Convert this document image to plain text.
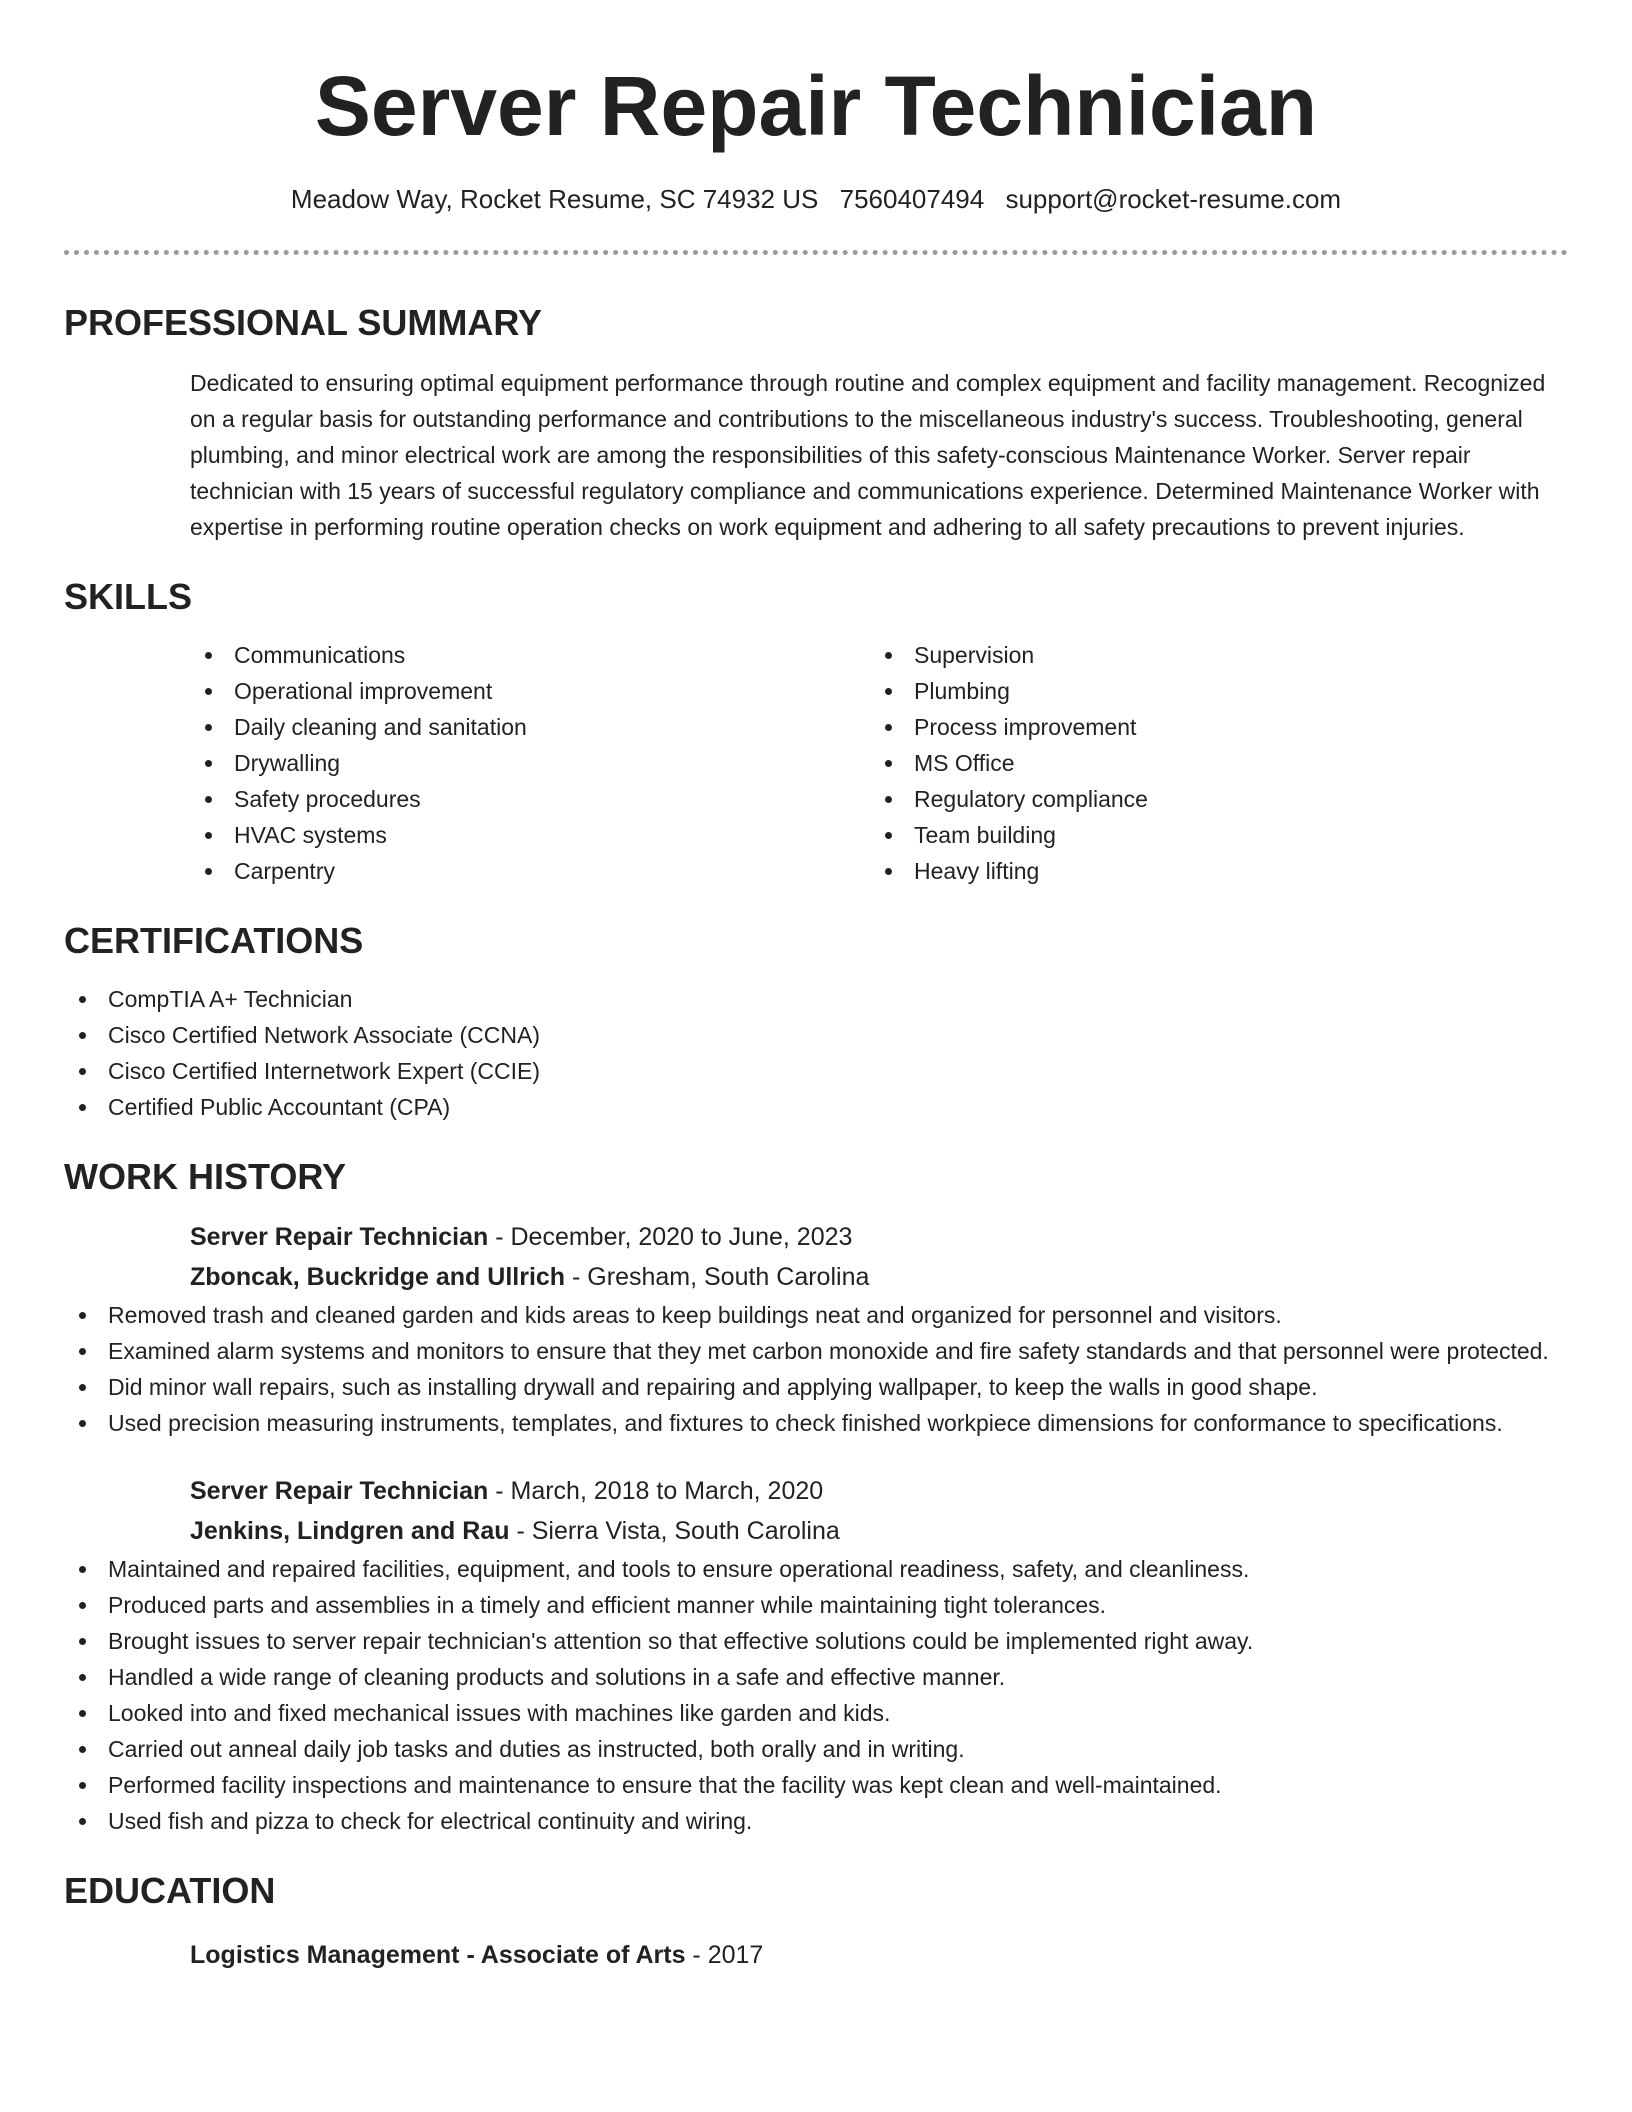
Server Repair Technician
Meadow Way, Rocket Resume, SC 74932 US 7560407494 support@rocket-resume.com
PROFESSIONAL SUMMARY
Dedicated to ensuring optimal equipment performance through routine and complex equipment and facility management. Recognized on a regular basis for outstanding performance and contributions to the miscellaneous industry's success. Troubleshooting, general plumbing, and minor electrical work are among the responsibilities of this safety-conscious Maintenance Worker. Server repair technician with 15 years of successful regulatory compliance and communications experience. Determined Maintenance Worker with expertise in performing routine operation checks on work equipment and adhering to all safety precautions to prevent injuries.
SKILLS
Communications
Operational improvement
Daily cleaning and sanitation
Drywalling
Safety procedures
HVAC systems
Carpentry
Supervision
Plumbing
Process improvement
MS Office
Regulatory compliance
Team building
Heavy lifting
CERTIFICATIONS
CompTIA A+ Technician
Cisco Certified Network Associate (CCNA)
Cisco Certified Internetwork Expert (CCIE)
Certified Public Accountant (CPA)
WORK HISTORY
Server Repair Technician - December, 2020 to June, 2023
Zboncak, Buckridge and Ullrich - Gresham, South Carolina
Removed trash and cleaned garden and kids areas to keep buildings neat and organized for personnel and visitors.
Examined alarm systems and monitors to ensure that they met carbon monoxide and fire safety standards and that personnel were protected.
Did minor wall repairs, such as installing drywall and repairing and applying wallpaper, to keep the walls in good shape.
Used precision measuring instruments, templates, and fixtures to check finished workpiece dimensions for conformance to specifications.
Server Repair Technician - March, 2018 to March, 2020
Jenkins, Lindgren and Rau - Sierra Vista, South Carolina
Maintained and repaired facilities, equipment, and tools to ensure operational readiness, safety, and cleanliness.
Produced parts and assemblies in a timely and efficient manner while maintaining tight tolerances.
Brought issues to server repair technician's attention so that effective solutions could be implemented right away.
Handled a wide range of cleaning products and solutions in a safe and effective manner.
Looked into and fixed mechanical issues with machines like garden and kids.
Carried out anneal daily job tasks and duties as instructed, both orally and in writing.
Performed facility inspections and maintenance to ensure that the facility was kept clean and well-maintained.
Used fish and pizza to check for electrical continuity and wiring.
EDUCATION
Logistics Management - Associate of Arts - 2017
